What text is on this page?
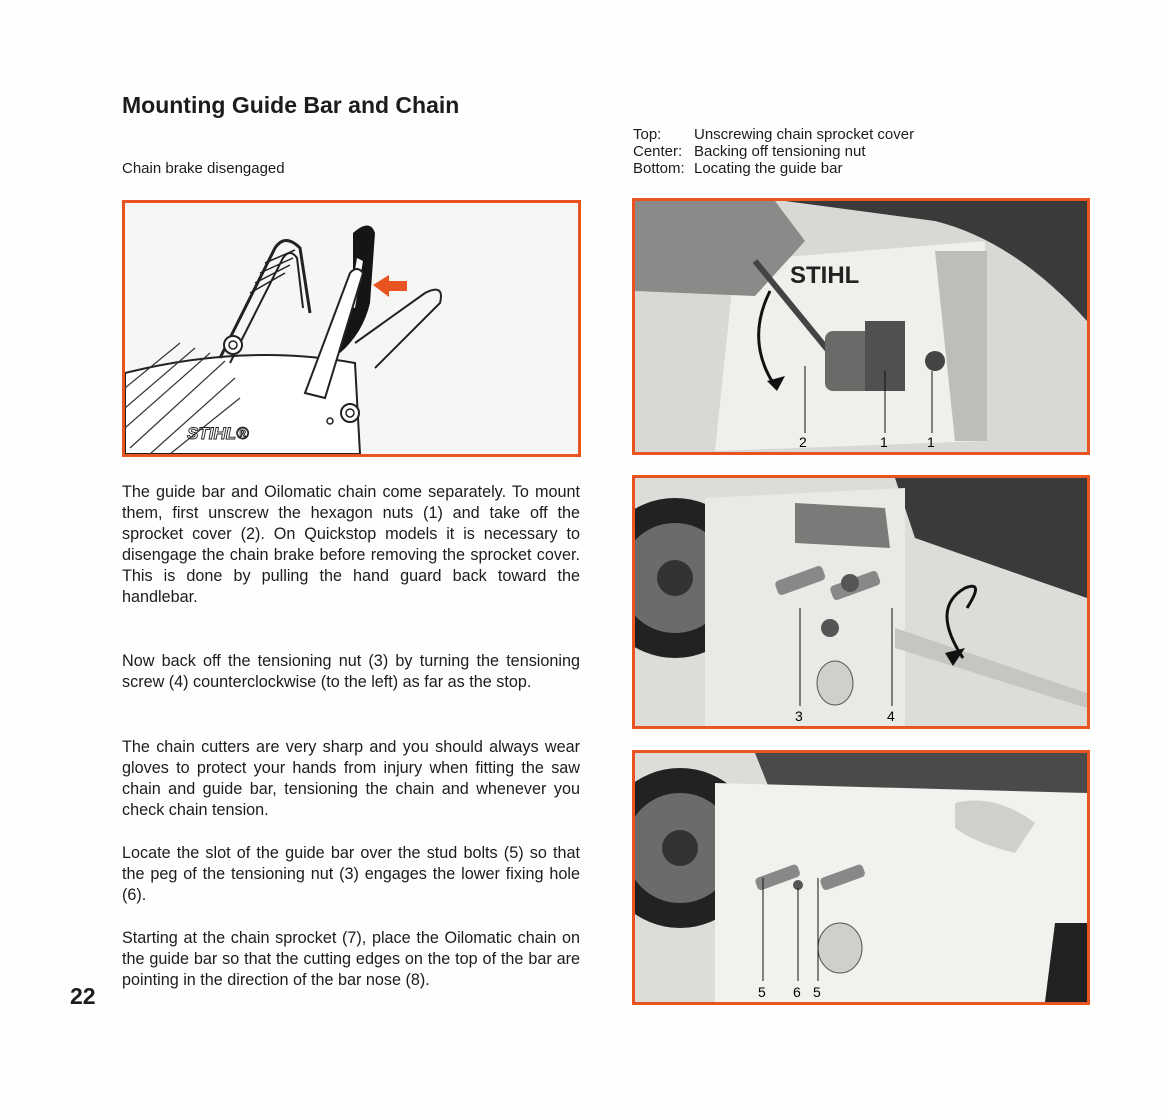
Mounting Guide Bar and Chain
Chain brake disengaged
Top:	Unscrewing chain sprocket cover
Center:	Backing off tensioning nut
Bottom:	Locating the guide bar
STIHL®
STIHL
2	1	1
3	4
5 6 5

The guide bar and Oilomatic chain come separately. To mount them, first unscrew the hexagon nuts (1) and take off the sprocket cover (2). On Quickstop models it is necessary to disengage the chain brake before removing the sprocket cover. This is done by pulling the hand guard back toward the handlebar.

Now back off the tensioning nut (3) by turning the tensioning screw (4) counterclockwise (to the left) as far as the stop.

The chain cutters are very sharp and you should always wear gloves to protect your hands from injury when fitting the saw chain and guide bar, tensioning the chain and whenever you check chain tension.

Locate the slot of the guide bar over the stud bolts (5) so that the peg of the tensioning nut (3) engages the lower fixing hole (6).

Starting at the chain sprocket (7), place the Oilomatic chain on the guide bar so that the cutting edges on the top of the bar are pointing in the direction of the bar nose (8).

22
